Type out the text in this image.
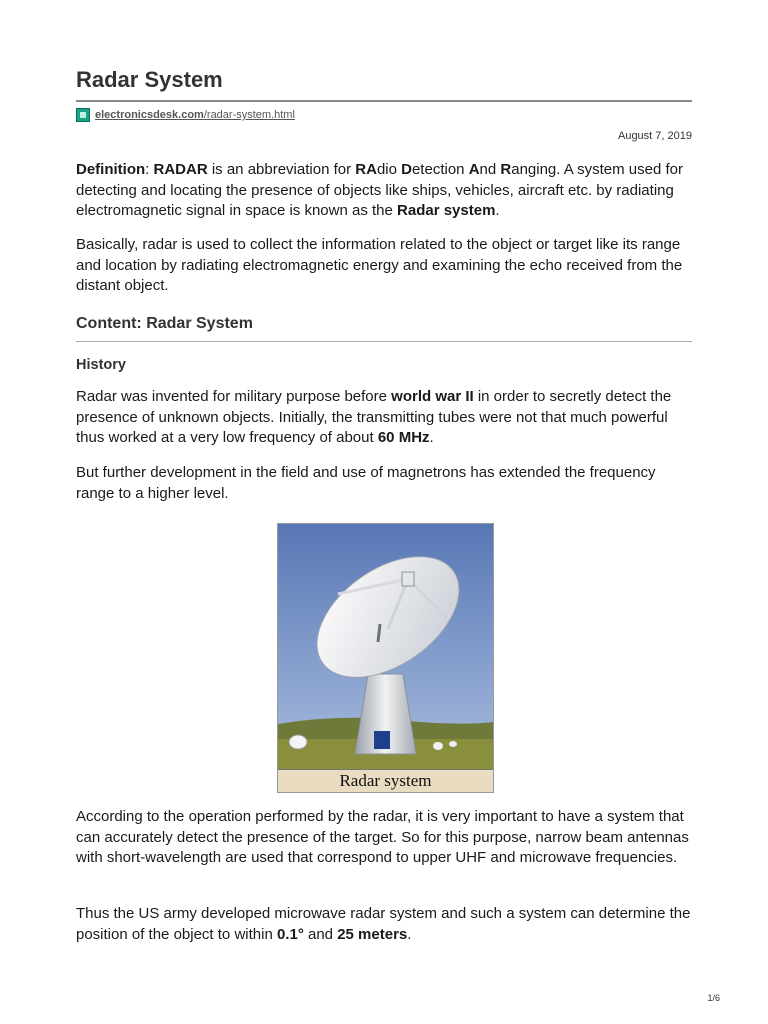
Radar System
electronicsdesk.com/radar-system.html
August 7, 2019

Definition: RADAR is an abbreviation for RAdio Detection And Ranging. A system used for detecting and locating the presence of objects like ships, vehicles, aircraft etc. by radiating electromagnetic signal in space is known as the Radar system.

Basically, radar is used to collect the information related to the object or target like its range and location by radiating electromagnetic energy and examining the echo received from the distant object.

Content: Radar System
History

Radar was invented for military purpose before world war II in order to secretly detect the presence of unknown objects. Initially, the transmitting tubes were not that much powerful thus worked at a very low frequency of about 60 MHz.

But further development in the field and use of magnetrons has extended the frequency range to a higher level.

Radar system

According to the operation performed by the radar, it is very important to have a system that can accurately detect the presence of the target. So for this purpose, narrow beam antennas with short-wavelength are used that correspond to upper UHF and microwave frequencies.

Thus the US army developed microwave radar system and such a system can determine the position of the object to within 0.1° and 25 meters.

1/6
